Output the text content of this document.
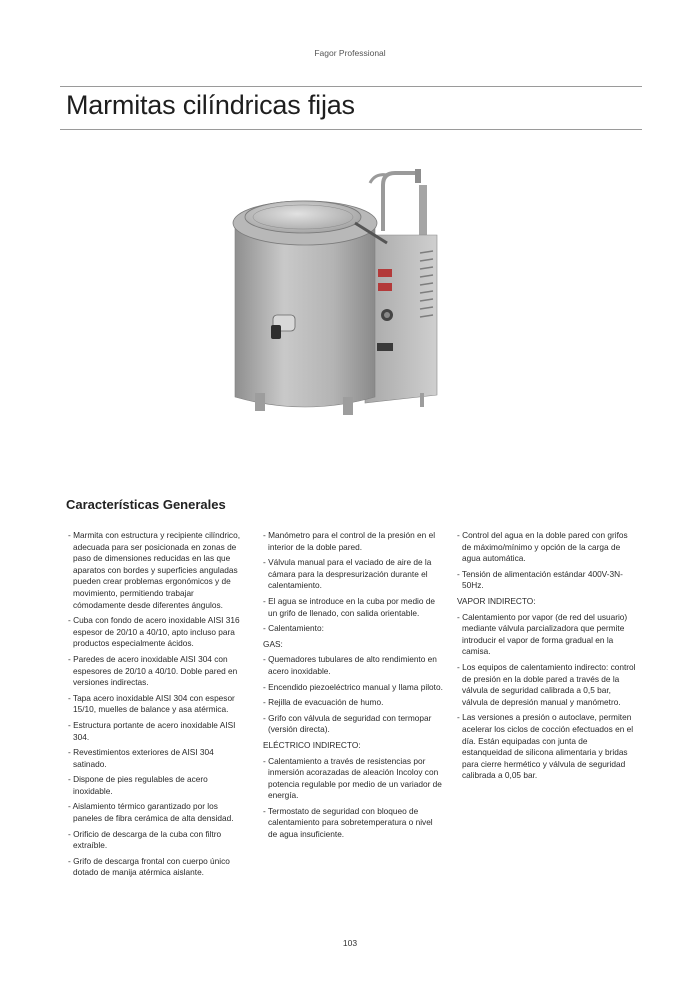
Fagor Professional
Marmitas cilíndricas fijas
Características Generales
- Marmita con estructura y recipiente cilíndrico, adecuada para ser posicionada en zonas de paso de dimensiones reducidas en las que aparatos con bordes y superficies anguladas pueden crear problemas ergonómicos y de movimiento, permitiendo trabajar cómodamente desde diferentes ángulos.
- Cuba con fondo de acero inoxidable AISI 316 espesor de 20/10 a 40/10, apto incluso para productos especialmente ácidos.
- Paredes de acero inoxidable AISI 304 con espesores de 20/10 a 40/10. Doble pared en versiones indirectas.
- Tapa acero inoxidable AISI 304 con espesor 15/10, muelles de balance y asa atérmica.
- Estructura portante de acero inoxidable AISI 304.
- Revestimientos exteriores de AISI 304 satinado.
- Dispone de pies regulables de acero inoxidable.
- Aislamiento térmico garantizado por los paneles de fibra cerámica de alta densidad.
- Orificio de descarga de la cuba con filtro extraíble.
- Grifo de descarga frontal con cuerpo único dotado de manija atérmica aislante.
- Manómetro para el control de la presión en el interior de la doble pared.
- Válvula manual para el vaciado de aire de la cámara para la despresurización durante el calentamiento.
- El agua se introduce en la cuba por medio de un grifo de llenado, con salida orientable.
- Calentamiento:
GAS:
- Quemadores tubulares de alto rendimiento en acero inoxidable.
- Encendido piezoeléctrico manual y llama piloto.
- Rejilla de evacuación de humo.
- Grifo con válvula de seguridad con termopar (versión directa).
ELÉCTRICO INDIRECTO:
- Calentamiento a través de resistencias por inmersión acorazadas de aleación Incoloy con potencia regulable por medio de un variador de energía.
- Termostato de seguridad con bloqueo de calentamiento para sobretemperatura o nivel de agua insuficiente.
- Control del agua en la doble pared con grifos de máximo/mínimo y opción de la carga de agua automática.
- Tensión de alimentación estándar 400V-3N-50Hz.
VAPOR INDIRECTO:
- Calentamiento por vapor (de red del usuario) mediante válvula parcializadora que permite introducir el vapor de forma gradual en la camisa.
- Los equipos de calentamiento indirecto: control de presión en la doble pared a través de la válvula de seguridad calibrada a 0,5 bar, válvula de depresión manual y manómetro.
- Las versiones a presión o autoclave, permiten acelerar los ciclos de cocción efectuados en el día. Están equipadas con junta de estanqueidad de silicona alimentaria y bridas para cierre hermético y válvula de seguridad calibrada a 0,05 bar.
103
